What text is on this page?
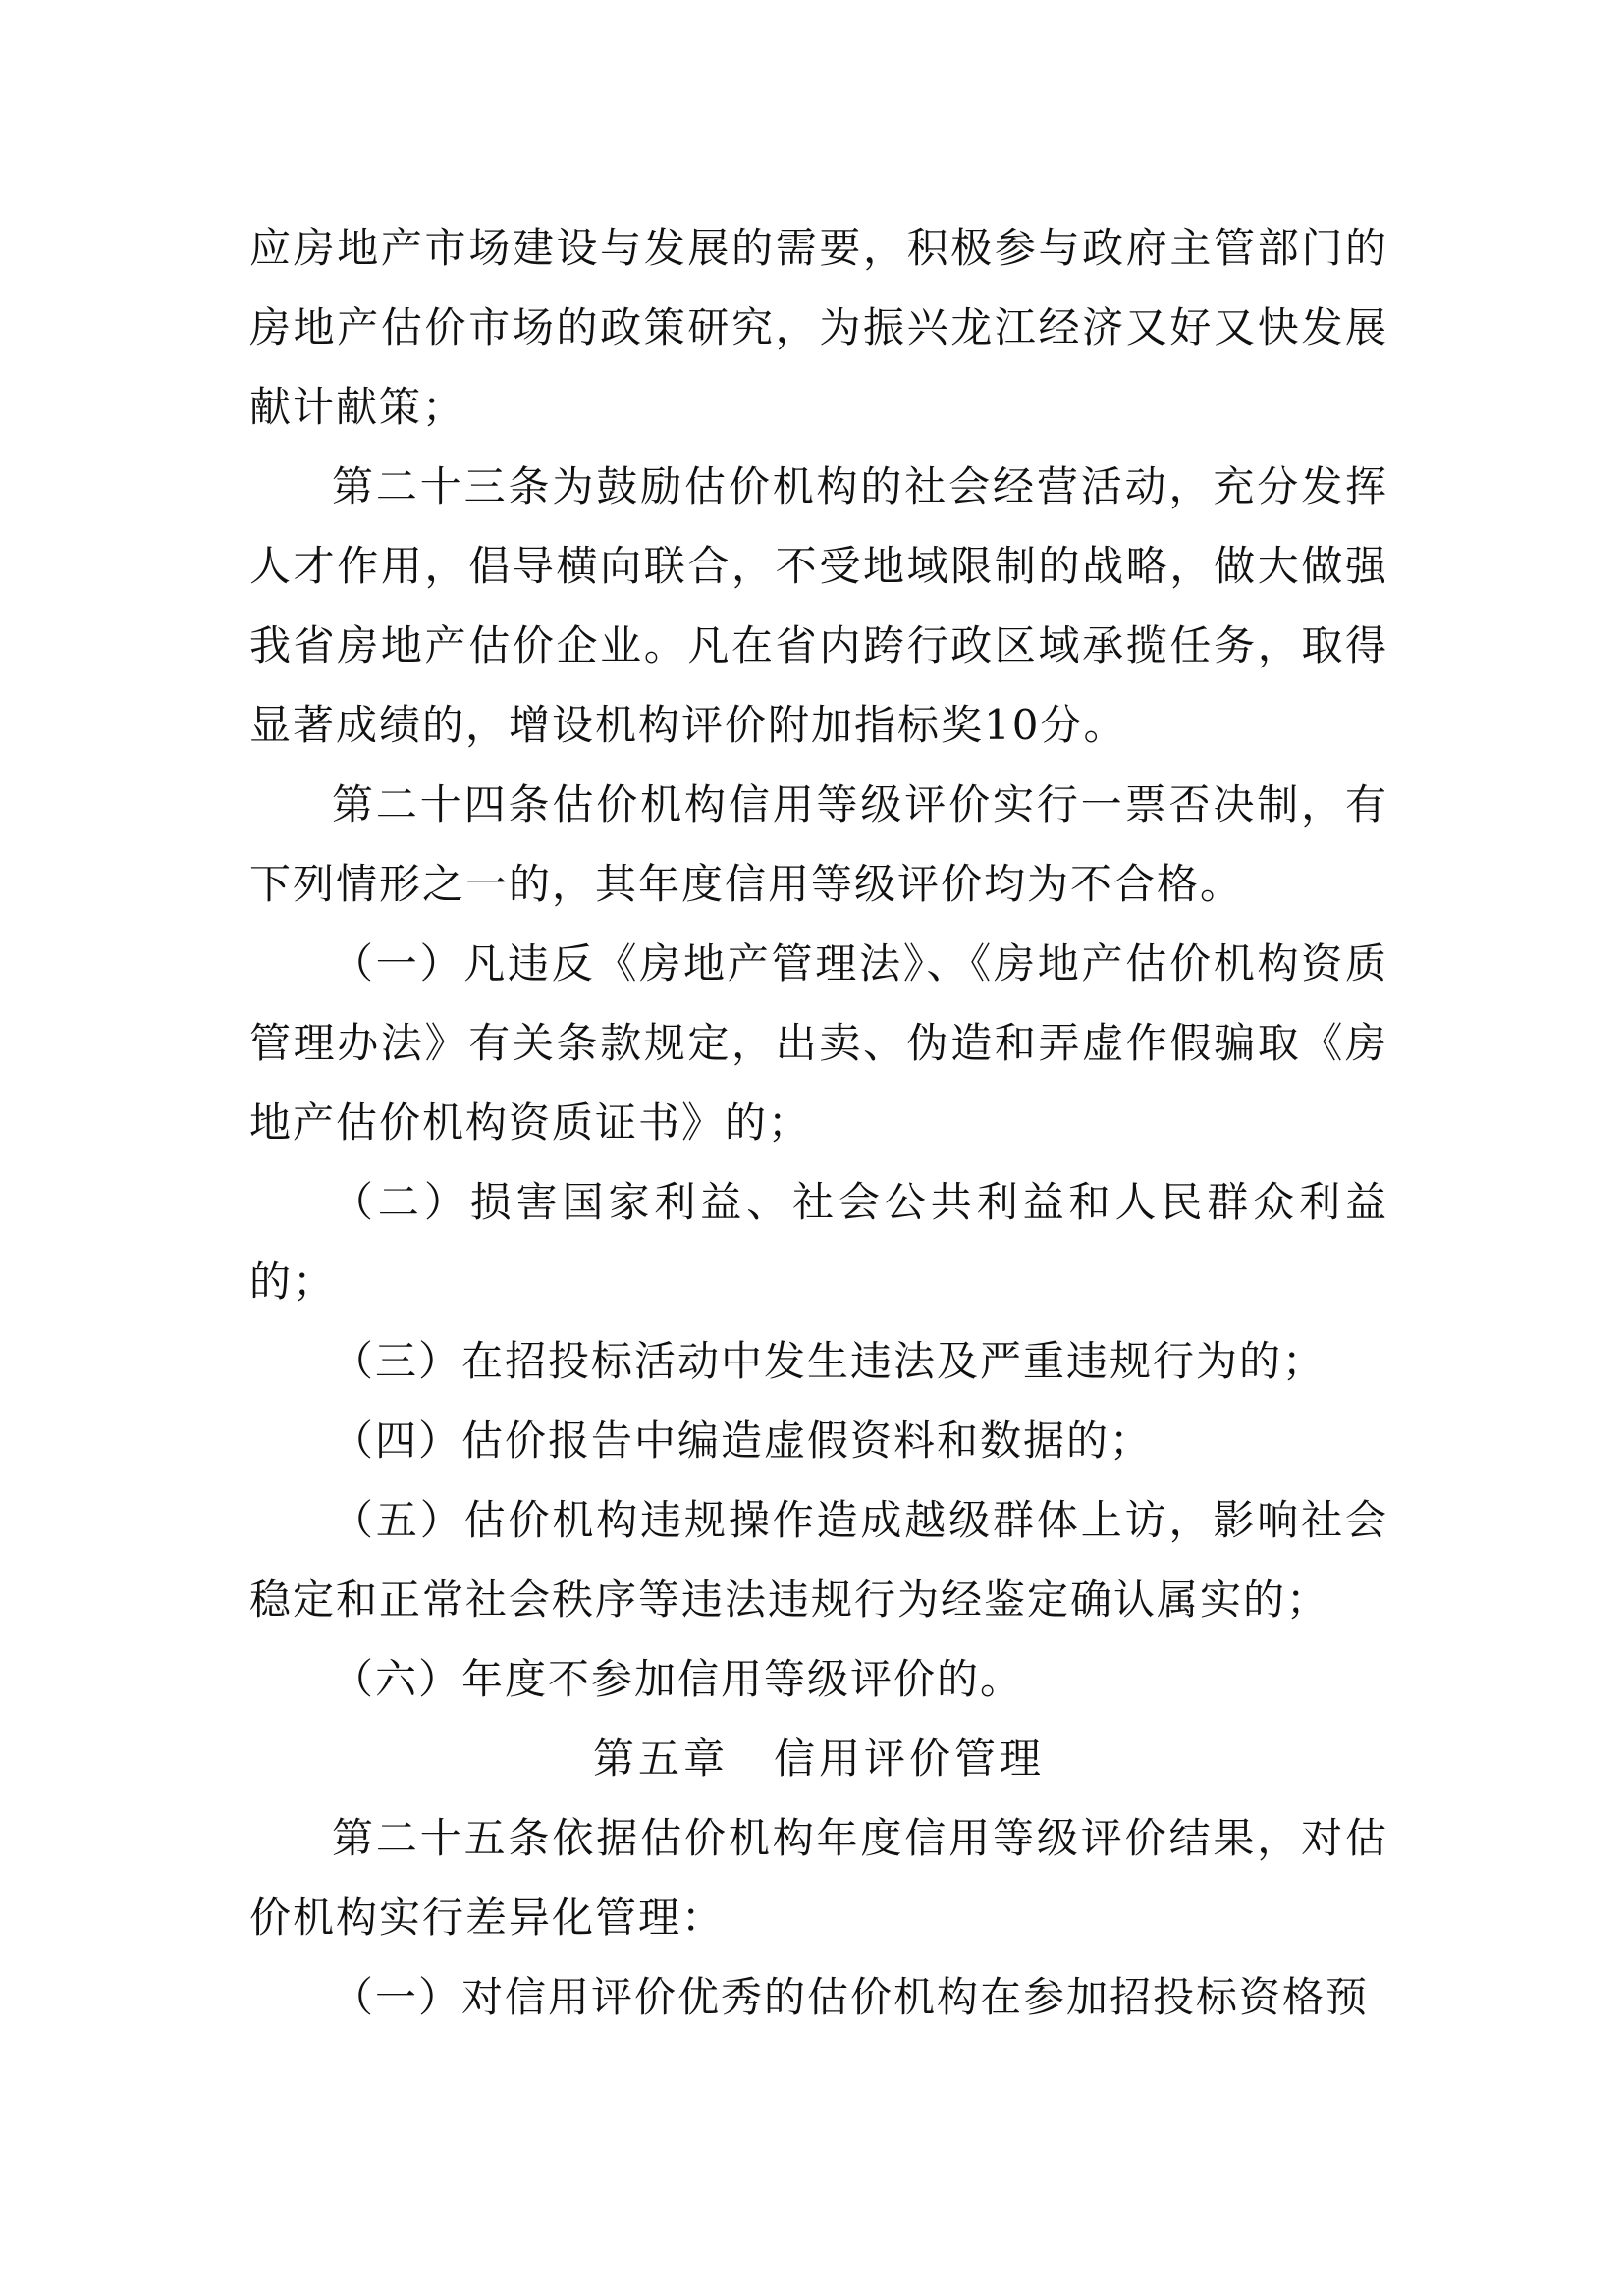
应房地产市场建设与发展的需要，积极参与政府主管部门的房地产估价市场的政策研究，为振兴龙江经济又好又快发展献计献策；

第二十三条为鼓励估价机构的社会经营活动，充分发挥人才作用，倡导横向联合，不受地域限制的战略，做大做强我省房地产估价企业。凡在省内跨行政区域承揽任务，取得显著成绩的，增设机构评价附加指标奖10分。

第二十四条估价机构信用等级评价实行一票否决制，有下列情形之一的，其年度信用等级评价均为不合格。

（一）凡违反《房地产管理法》、《房地产估价机构资质管理办法》有关条款规定，出卖、伪造和弄虚作假骗取《房地产估价机构资质证书》的；

（二）损害国家利益、社会公共利益和人民群众利益的；

（三）在招投标活动中发生违法及严重违规行为的；

（四）估价报告中编造虚假资料和数据的；

（五）估价机构违规操作造成越级群体上访，影响社会稳定和正常社会秩序等违法违规行为经鉴定确认属实的；

（六）年度不参加信用等级评价的。

第五章　信用评价管理

第二十五条依据估价机构年度信用等级评价结果，对估价机构实行差异化管理：

（一）对信用评价优秀的估价机构在参加招投标资格预
